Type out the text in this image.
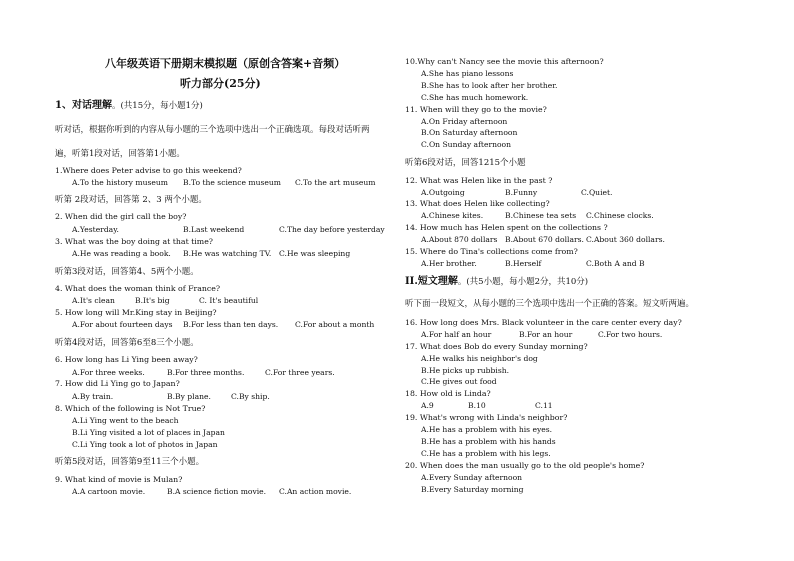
八年级英语下册期末模拟题（原创含答案+音频）
听力部分(25分)
1、对话理解。(共15分，每小题1分)
听对话，根据你听到的内容从每小题的三个选项中选出一个正确选项。每段对话听两
遍，听第1段对话，回答第1小题。
1.Where does Peter advise to go this weekend?
A.To the history museum B.To the science museum C.To the art museum
听第 2段对话，回答第 2、3 两个小题。
2. When did the girl call the boy?
A.Yesterday.	B.Last weekend	C.The day before yesterday
3. What was the boy doing at that time?
A.He was reading a book. B.He was watching TV. C.He was sleeping
听第3段对话，回答第4、5两个小题。
4. What does the woman think of France?
A.It's clean	B.It's big	C. It's beautiful
5. How long will Mr.King stay in Beijing?
A.For about fourteen days B.For less than ten days. C.For about a month
听第4段对话，回答第6至8三个小题。
6. How long has Li Ying been away?
A.For three weeks.	B.For three months.	C.For three years.
7. How did Li Ying go to Japan?
A.By train.	B.By plane.	C.By ship.
8. Which of the following is Not True?
A.Li Ying went to the beach
B.Li Ying visited a lot of places in Japan
C.Li Ying took a lot of photos in Japan
听第5段对话，回答第9至11三个小题。
9. What kind of movie is Mulan?
A.A cartoon movie.	B.A science fiction movie. C.An action movie.
10.Why can't Nancy see the movie this afternoon?
A.She has piano lessons
B.She has to look after her brother.
C.She has much homework.
11. When will they go to the movie?
A.On Friday afternoon
B.On Saturday afternoon
C.On Sunday afternoon
听第6段对话，回答1215个小题
12. What was Helen like in the past ?
A.Outgoing	B.Funny	C.Quiet.
13. What does Helen like collecting?
A.Chinese kites.	B.Chinese tea sets C.Chinese clocks.
14. How much has Helen spent on the collections ?
A.About 870 dollars B.About 670 dollars. C.About 360 dollars.
15. Where do Tina's collections come from?
A.Her brother.	B.Herself	C.Both A and B
II.短文理解。(共5小题，每小题2分，共10分)
听下面一段短文，从每小题的三个选项中选出一个正确的答案。短文听两遍。
16. How long does Mrs. Black volunteer in the care center every day?
A.For half an hour	B.For an hour	C.For two hours.
17. What does Bob do every Sunday morning?
A.He walks his neighbor's dog
B.He picks up rubbish.
C.He gives out food
18. How old is Linda?
A.9	B.10	C.11
19. What's wrong with Linda's neighbor?
A.He has a problem with his eyes.
B.He has a problem with his hands
C.He has a problem with his legs.
20. When does the man usually go to the old people's home?
A.Every Sunday afternoon
B.Every Saturday morning
